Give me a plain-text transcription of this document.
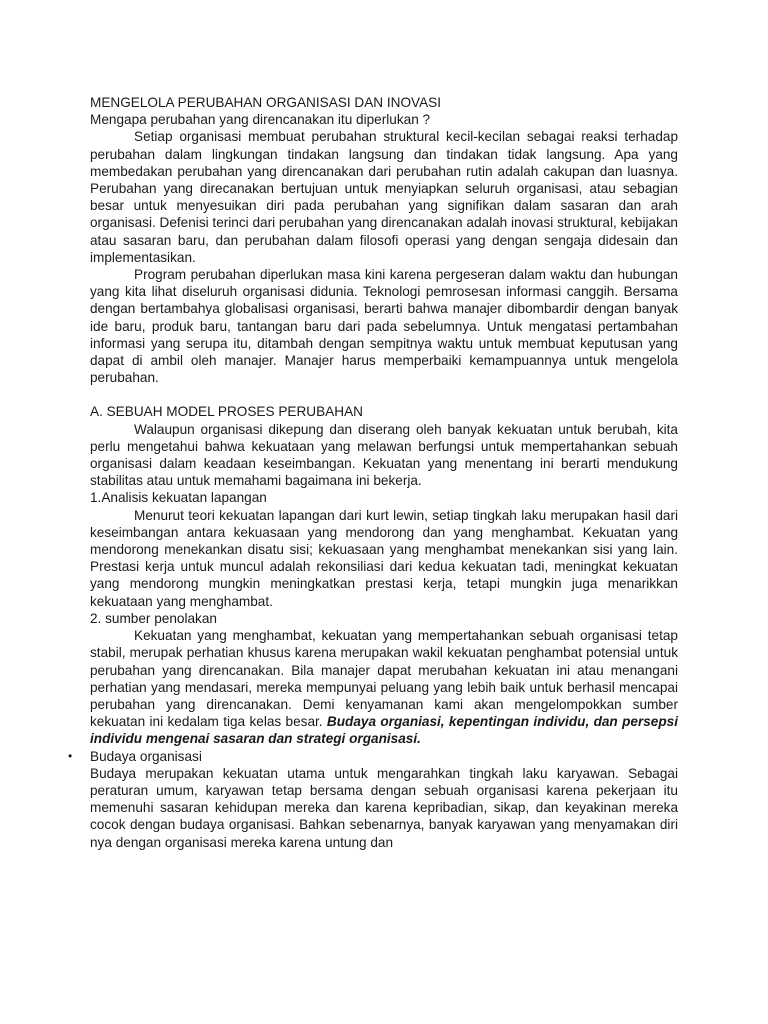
MENGELOLA PERUBAHAN ORGANISASI DAN INOVASI

Mengapa perubahan yang direncanakan itu diperlukan ?

Setiap organisasi membuat perubahan struktural kecil-kecilan sebagai reaksi terhadap perubahan dalam lingkungan tindakan langsung dan tindakan tidak langsung. Apa yang membedakan perubahan yang direncanakan dari perubahan rutin adalah cakupan dan luasnya. Perubahan yang direcanakan bertujuan untuk menyiapkan seluruh organisasi, atau sebagian besar untuk menyesuikan diri pada perubahan yang signifikan dalam sasaran dan arah organisasi. Defenisi terinci dari perubahan yang direncanakan adalah inovasi struktural, kebijakan atau sasaran baru, dan perubahan dalam filosofi operasi yang dengan sengaja didesain dan implementasikan.

Program perubahan diperlukan masa kini karena pergeseran dalam waktu dan hubungan yang kita lihat diseluruh organisasi didunia. Teknologi pemrosesan informasi canggih. Bersama dengan bertambahya globalisasi organisasi, berarti bahwa manajer dibombardir dengan banyak ide baru, produk baru, tantangan baru dari pada sebelumnya. Untuk mengatasi pertambahan informasi yang serupa itu, ditambah dengan sempitnya waktu untuk membuat keputusan yang dapat di ambil oleh manajer. Manajer harus memperbaiki kemampuannya untuk mengelola perubahan.

A. SEBUAH MODEL PROSES PERUBAHAN

Walaupun organisasi dikepung dan diserang oleh banyak kekuatan untuk berubah, kita perlu mengetahui bahwa kekuataan yang melawan berfungsi untuk mempertahankan sebuah organisasi dalam keadaan keseimbangan. Kekuatan yang menentang ini berarti mendukung stabilitas atau untuk memahami bagaimana ini bekerja.

1.Analisis kekuatan lapangan

Menurut teori kekuatan lapangan dari kurt lewin, setiap tingkah laku merupakan hasil dari keseimbangan antara kekuasaan yang mendorong dan yang menghambat. Kekuatan yang mendorong menekankan disatu sisi; kekuasaan yang menghambat menekankan sisi yang lain. Prestasi kerja untuk muncul adalah rekonsiliasi dari kedua kekuatan tadi, meningkat kekuatan yang mendorong mungkin meningkatkan prestasi kerja, tetapi mungkin juga menarikkan kekuataan yang menghambat.

2. sumber penolakan

Kekuatan yang menghambat, kekuatan yang mempertahankan sebuah organisasi tetap stabil, merupak perhatian khusus karena merupakan wakil kekuatan penghambat potensial untuk perubahan yang direncanakan. Bila manajer dapat merubahan kekuatan ini atau menangani perhatian yang mendasari, mereka mempunyai peluang yang lebih baik untuk berhasil mencapai perubahan yang direncanakan. Demi kenyamanan kami akan mengelompokkan sumber kekuatan ini kedalam tiga kelas besar. Budaya organiasi, kepentingan individu, dan persepsi individu mengenai sasaran dan strategi organisasi.

• Budaya organisasi

Budaya merupakan kekuatan utama untuk mengarahkan tingkah laku karyawan. Sebagai peraturan umum, karyawan tetap bersama dengan sebuah organisasi karena pekerjaan itu memenuhi sasaran kehidupan mereka dan karena kepribadian, sikap, dan keyakinan mereka cocok dengan budaya organisasi. Bahkan sebenarnya, banyak karyawan yang menyamakan diri nya dengan organisasi mereka karena untung dan
